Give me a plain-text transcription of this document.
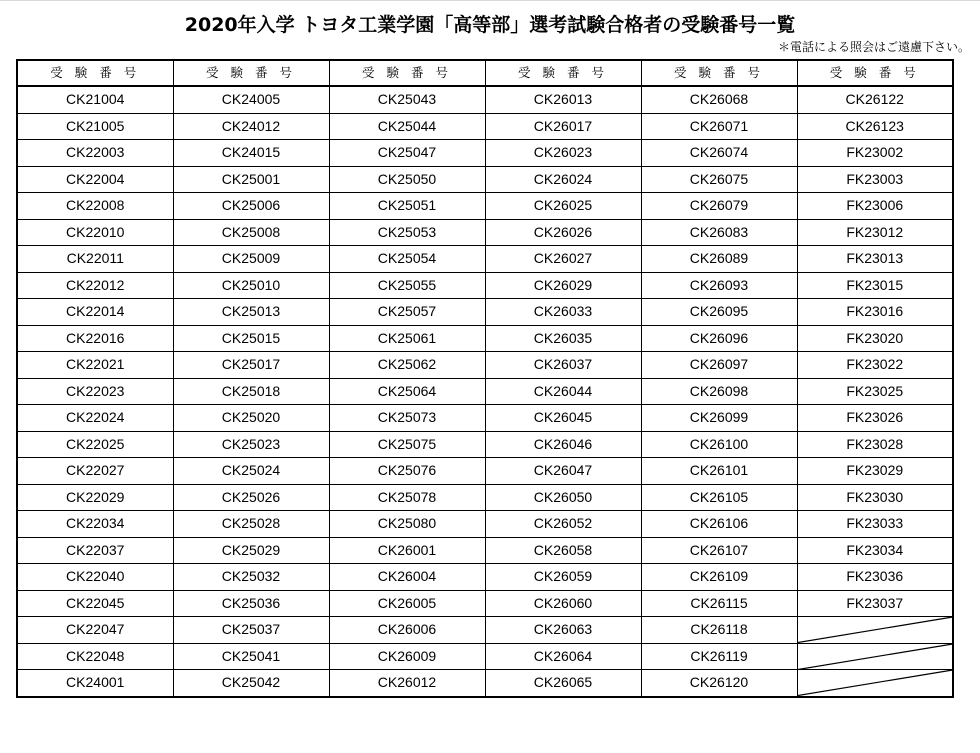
2020年入学 トヨタ工業学園「高等部」選考試験合格者の受験番号一覧
＊電話による照会はご遠慮下さい。
受 験 番 号	受 験 番 号	受 験 番 号	受 験 番 号	受 験 番 号	受 験 番 号
CK21004	CK24005	CK25043	CK26013	CK26068	CK26122
CK21005	CK24012	CK25044	CK26017	CK26071	CK26123
CK22003	CK24015	CK25047	CK26023	CK26074	FK23002
CK22004	CK25001	CK25050	CK26024	CK26075	FK23003
CK22008	CK25006	CK25051	CK26025	CK26079	FK23006
CK22010	CK25008	CK25053	CK26026	CK26083	FK23012
CK22011	CK25009	CK25054	CK26027	CK26089	FK23013
CK22012	CK25010	CK25055	CK26029	CK26093	FK23015
CK22014	CK25013	CK25057	CK26033	CK26095	FK23016
CK22016	CK25015	CK25061	CK26035	CK26096	FK23020
CK22021	CK25017	CK25062	CK26037	CK26097	FK23022
CK22023	CK25018	CK25064	CK26044	CK26098	FK23025
CK22024	CK25020	CK25073	CK26045	CK26099	FK23026
CK22025	CK25023	CK25075	CK26046	CK26100	FK23028
CK22027	CK25024	CK25076	CK26047	CK26101	FK23029
CK22029	CK25026	CK25078	CK26050	CK26105	FK23030
CK22034	CK25028	CK25080	CK26052	CK26106	FK23033
CK22037	CK25029	CK26001	CK26058	CK26107	FK23034
CK22040	CK25032	CK26004	CK26059	CK26109	FK23036
CK22045	CK25036	CK26005	CK26060	CK26115	FK23037
CK22047	CK25037	CK26006	CK26063	CK26118	

CK22048	CK25041	CK26009	CK26064	CK26119	

CK24001	CK25042	CK26012	CK26065	CK26120	
